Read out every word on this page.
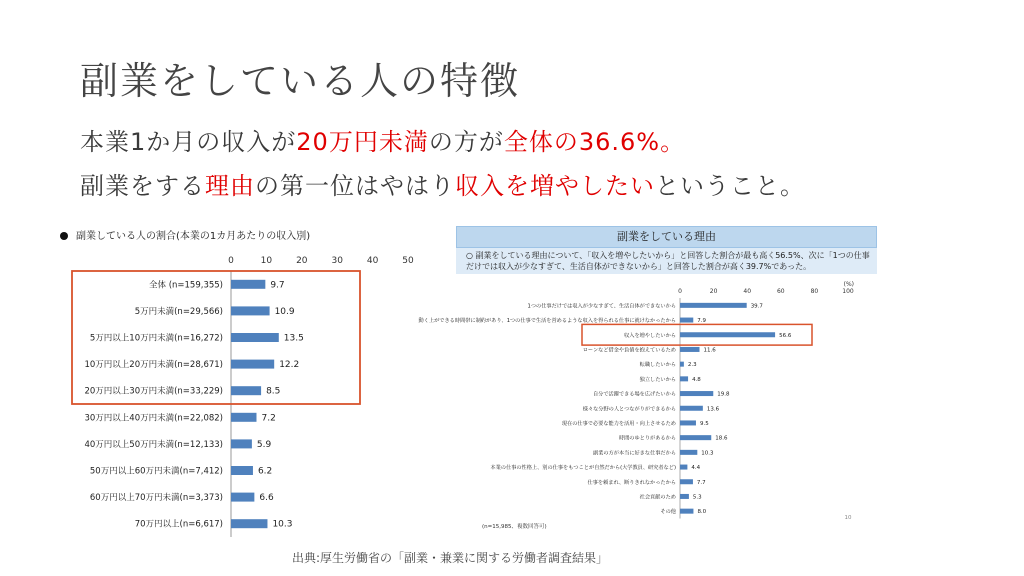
副業をしている人の特徴
本業1か月の収入が20万円未満の方が全体の36.6%。
副業をする理由の第一位はやはり収入を増やしたいということ。
副業している人の割合(本業の1カ月あたりの収入別)
0	10	20	30	40	50
全体 (n=159,355)	9.7
5万円未満(n=29,566)	10.9
5万円以上10万円未満(n=16,272)	13.5
10万円以上20万円未満(n=28,671)	12.2
20万円以上30万円未満(n=33,229)	8.5
30万円以上40万円未満(n=22,082)	7.2
40万円以上50万円未満(n=12,133)	5.9
50万円以上60万円未満(n=7,412)	6.2
60万円以上70万円未満(n=3,373)	6.6
70万円以上(n=6,617)	10.3
副業をしている理由
○ 副業をしている理由について、「収入を増やしたいから」と回答した割合が最も高く56.5%、次に「1つの仕事だけでは収入が少なすぎて、生活自体ができないから」と回答した割合が高く39.7%であった。
(%)
0	20	40	60	80	100
1つの仕事だけでは収入が少なすぎて、生活自体ができないから	39.7
動く上ができる時間帯に制約があり、1つの仕事で生活を営めるような収入を得られる仕事に就けなかったから	7.9
収入を増やしたいから	56.6
ローンなど借金や負債を抱えているため	11.6
転職したいから 2.3
独立したいから	4.8
自分で活躍できる場を広げたいから	19.8
様々な分野の人とつながりができるから	13.6
現在の仕事で必要な能力を活用・向上させるため	9.5
時間のゆとりがあるから	18.6
副業の方が本当に好きな仕事だから	10.3
本業の仕事の性格上、別の仕事をもつことが自然だから(大学教員、研究者など)	4.4
仕事を頼まれ、断りきれなかったから	7.7
社会貢献のため	5.3
その他	8.0
(n=15,985、複数回答可)
10
出典:厚生労働省の「副業・兼業に関する労働者調査結果」
